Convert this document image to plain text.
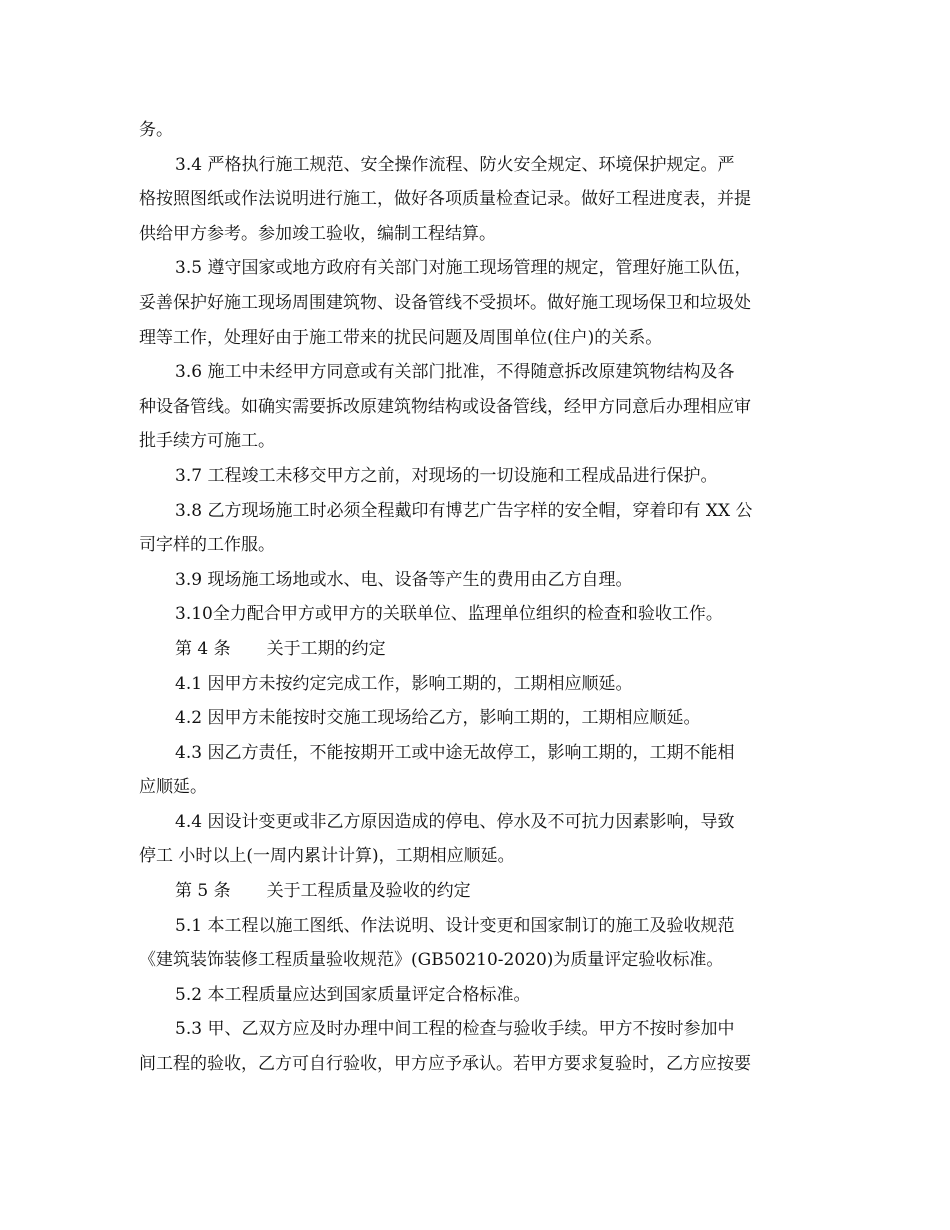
务。
3.4 严格执行施工规范、安全操作流程、防火安全规定、环境保护规定。严
格按照图纸或作法说明进行施工，做好各项质量检查记录。做好工程进度表，并提
供给甲方参考。参加竣工验收，编制工程结算。
3.5 遵守国家或地方政府有关部门对施工现场管理的规定，管理好施工队伍，
妥善保护好施工现场周围建筑物、设备管线不受损坏。做好施工现场保卫和垃圾处
理等工作，处理好由于施工带来的扰民问题及周围单位(住户)的关系。
3.6 施工中未经甲方同意或有关部门批准，不得随意拆改原建筑物结构及各
种设备管线。如确实需要拆改原建筑物结构或设备管线，经甲方同意后办理相应审
批手续方可施工。
3.7 工程竣工未移交甲方之前，对现场的一切设施和工程成品进行保护。
3.8 乙方现场施工时必须全程戴印有博艺广告字样的安全帽，穿着印有 XX 公
司字样的工作服。
3.9 现场施工场地或水、电、设备等产生的费用由乙方自理。
3.10全力配合甲方或甲方的关联单位、监理单位组织的检查和验收工作。
第 4 条 关于工期的约定
4.1 因甲方未按约定完成工作，影响工期的，工期相应顺延。
4.2 因甲方未能按时交施工现场给乙方，影响工期的，工期相应顺延。
4.3 因乙方责任，不能按期开工或中途无故停工，影响工期的，工期不能相
应顺延。
4.4 因设计变更或非乙方原因造成的停电、停水及不可抗力因素影响，导致
停工 小时以上(一周内累计计算)，工期相应顺延。
第 5 条 关于工程质量及验收的约定
5.1 本工程以施工图纸、作法说明、设计变更和国家制订的施工及验收规范
《建筑装饰装修工程质量验收规范》(GB50210-2020)为质量评定验收标准。
5.2 本工程质量应达到国家质量评定合格标准。
5.3 甲、乙双方应及时办理中间工程的检查与验收手续。甲方不按时参加中
间工程的验收，乙方可自行验收，甲方应予承认。若甲方要求复验时，乙方应按要
